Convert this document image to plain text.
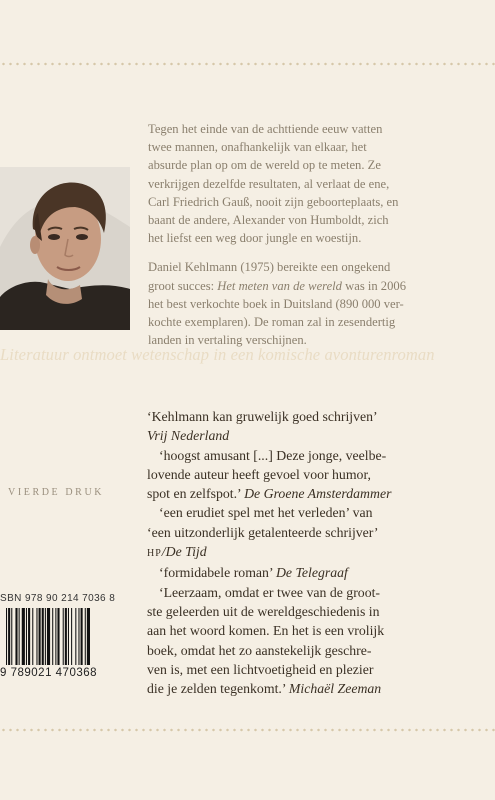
Tegen het einde van de achttiende eeuw vatten
twee mannen, onafhankelijk van elkaar, het
absurde plan op om de wereld op te meten. Ze
verkrijgen dezelfde resultaten, al verlaat de ene,
Carl Friedrich Gauß, nooit zijn geboorteplaats, en
baant de andere, Alexander von Humboldt, zich
het liefst een weg door jungle en woestijn.

Daniel Kehlmann (1975) bereikte een ongekend
groot succes: Het meten van de wereld was in 2006
het best verkochte boek in Duitsland (890 000 ver-
kochte exemplaren). De roman zal in zesendertig
landen in vertaling verschijnen.

Literatuur ontmoet wetenschap in een komische avonturenroman
VIERDE DRUK

‘Kehlmann kan gruwelijk goed schrijven’
Vrij Nederland

‘hoogst amusant [...] Deze jonge, veelbe-
lovende auteur heeft gevoel voor humor,
spot en zelfspot.’ De Groene Amsterdammer

‘een erudiet spel met het verleden’ van
‘een uitzonderlijk getalenteerde schrijver’
HP/De Tijd

‘formidabele roman’ De Telegraaf

‘Leerzaam, omdat er twee van de groot-
ste geleerden uit de wereldgeschiedenis in
aan het woord komen. En het is een vrolijk
boek, omdat het zo aanstekelijk geschre-
ven is, met een lichtvoetigheid en plezier
die je zelden tegenkomt.’ Michaël Zeeman

SBN 978 90 214 7036 8
9 789021 470368
